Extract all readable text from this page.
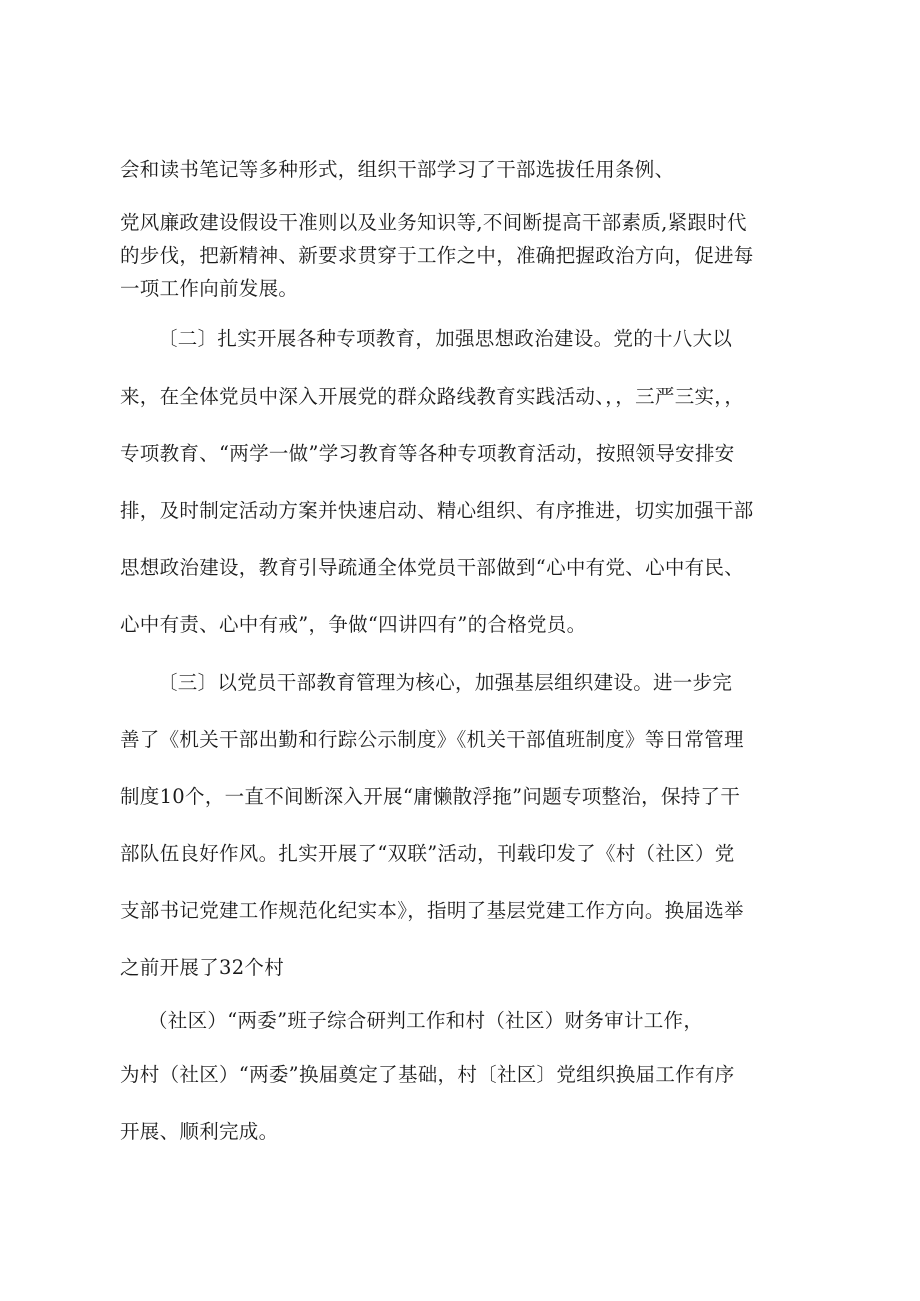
会和读书笔记等多种形式，组织干部学习了干部选拔任用条例、
党风廉政建设假设干准则以及业务知识等,不间断提高干部素质,紧跟时代
的步伐，把新精神、新要求贯穿于工作之中，准确把握政治方向，促进每
一项工作向前发展。
〔二〕扎实开展各种专项教育，加强思想政治建设。党的十八大以
来，在全体党员中深入开展党的群众路线教育实践活动、，，三严三实，，
专项教育、“两学一做”学习教育等各种专项教育活动，按照领导安排安
排，及时制定活动方案并快速启动、精心组织、有序推进，切实加强干部
思想政治建设，教育引导疏通全体党员干部做到“心中有党、心中有民、
心中有责、心中有戒”，争做“四讲四有”的合格党员。
〔三〕以党员干部教育管理为核心，加强基层组织建设。进一步完
善了《机关干部出勤和行踪公示制度》《机关干部值班制度》等日常管理
制度10个，一直不间断深入开展“庸懒散浮拖”问题专项整治，保持了干
部队伍良好作风。扎实开展了“双联”活动，刊载印发了《村（社区）党
支部书记党建工作规范化纪实本》，指明了基层党建工作方向。换届选举
之前开展了32个村
（社区）“两委”班子综合研判工作和村（社区）财务审计工作，
为村（社区）“两委”换届奠定了基础，村〔社区〕党组织换届工作有序
开展、顺利完成。
